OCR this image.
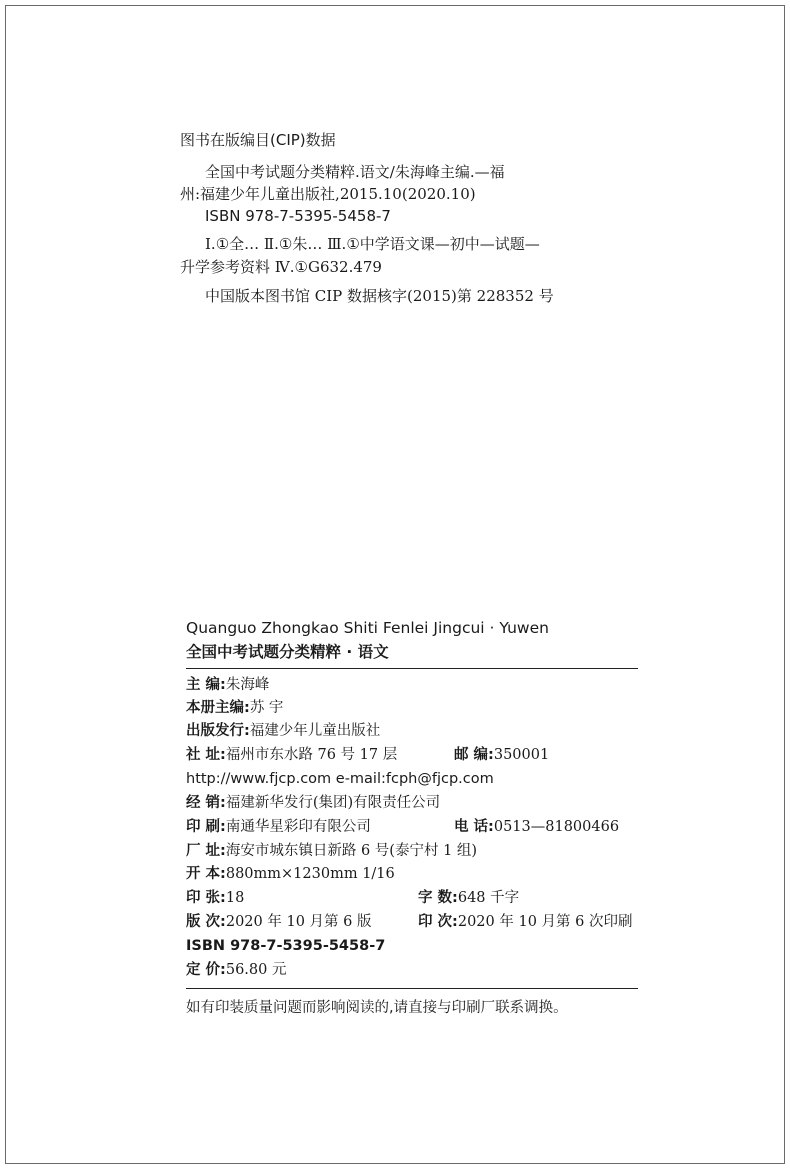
图书在版编目(CIP)数据
全国中考试题分类精粹.语文/朱海峰主编.—福
州:福建少年儿童出版社,2015.10(2020.10)
ISBN 978-7-5395-5458-7
Ⅰ.①全… Ⅱ.①朱… Ⅲ.①中学语文课—初中—试题—
升学参考资料 Ⅳ.①G632.479
中国版本图书馆 CIP 数据核字(2015)第 228352 号
Quanguo Zhongkao Shiti Fenlei Jingcui · Yuwen
全国中考试题分类精粹 · 语文
主 编:朱海峰
本册主编:苏 宇
出版发行:福建少年儿童出版社
社 址:福州市东水路 76 号 17 层	邮 编:350001
http://www.fjcp.com e-mail:fcph@fjcp.com
经 销:福建新华发行(集团)有限责任公司
印 刷:南通华星彩印有限公司	电 话:0513—81800466
厂 址:海安市城东镇日新路 6 号(泰宁村 1 组)
开 本:880mm×1230mm 1/16
印 张:18	字 数:648 千字
版 次:2020 年 10 月第 6 版	印 次:2020 年 10 月第 6 次印刷
ISBN 978-7-5395-5458-7
定 价:56.80 元
如有印装质量问题而影响阅读的,请直接与印刷厂联系调换。
